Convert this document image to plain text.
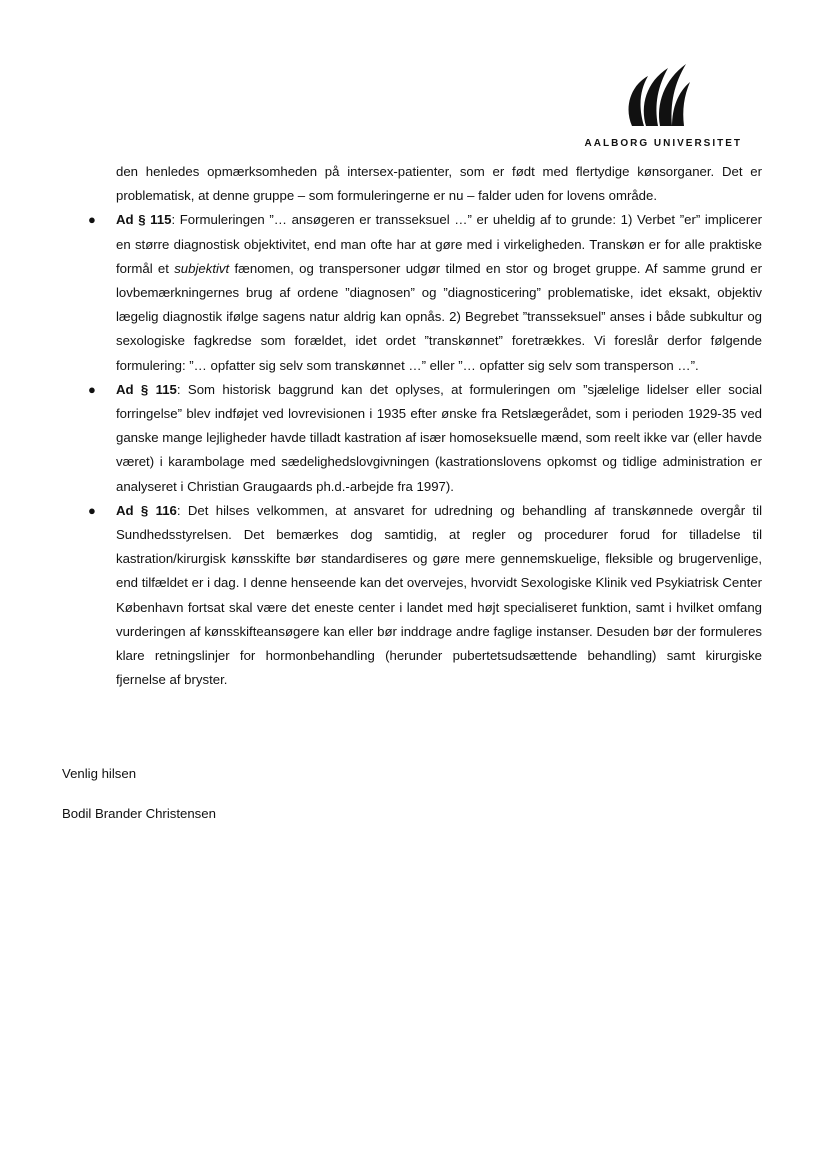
AALBORG UNIVERSITET
den henledes opmærksomheden på intersex-patienter, som er født med flertydige kønsorganer. Det er problematisk, at denne gruppe – som formuleringerne er nu – falder uden for lovens område.
● Ad § 115: Formuleringen ”… ansøgeren er transseksuel …” er uheldig af to grunde: 1) Verbet ”er” implicerer en større diagnostisk objektivitet, end man ofte har at gøre med i virkeligheden. Transkøn er for alle praktiske formål et subjektivt fænomen, og transpersoner udgør tilmed en stor og broget gruppe. Af samme grund er lovbemærkningernes brug af ordene ”diagnosen” og ”diagnosticering” problematiske, idet eksakt, objektiv lægelig diagnostik ifølge sagens natur aldrig kan opnås. 2) Begrebet ”transseksuel” anses i både subkultur og sexologiske fagkredse som forældet, idet ordet ”transkønnet” foretrækkes. Vi foreslår derfor følgende formulering: ”… opfatter sig selv som transkønnet …” eller ”… opfatter sig selv som transperson …”.
● Ad § 115: Som historisk baggrund kan det oplyses, at formuleringen om ”sjælelige lidelser eller social forringelse” blev indføjet ved lovrevisionen i 1935 efter ønske fra Retslægerådet, som i perioden 1929-35 ved ganske mange lejligheder havde tilladt kastration af især homoseksuelle mænd, som reelt ikke var (eller havde været) i karambolage med sædelighedslovgivningen (kastrationslovens opkomst og tidlige administration er analyseret i Christian Graugaards ph.d.-arbejde fra 1997).
● Ad § 116: Det hilses velkommen, at ansvaret for udredning og behandling af transkønnede overgår til Sundhedsstyrelsen. Det bemærkes dog samtidig, at regler og procedurer forud for tilladelse til kastration/kirurgisk kønsskifte bør standardiseres og gøre mere gennemskuelige, fleksible og brugervenlige, end tilfældet er i dag. I denne henseende kan det overvejes, hvorvidt Sexologiske Klinik ved Psykiatrisk Center København fortsat skal være det eneste center i landet med højt specialiseret funktion, samt i hvilket omfang vurderingen af kønsskifteansøgere kan eller bør inddrage andre faglige instanser. Desuden bør der formuleres klare retningslinjer for hormonbehandling (herunder pubertetsudsættende behandling) samt kirurgiske fjernelse af bryster.
Venlig hilsen
Bodil Brander Christensen
